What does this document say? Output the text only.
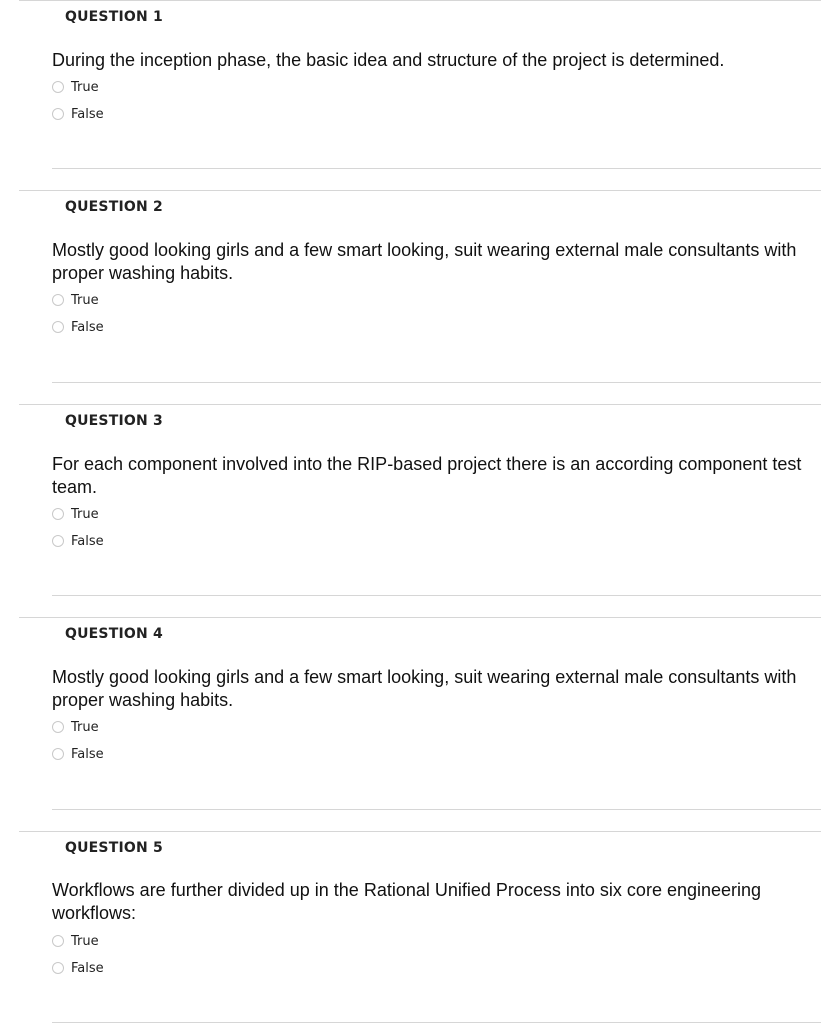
QUESTION 1
During the inception phase, the basic idea and structure of the project is determined.
True
False
QUESTION 2
Mostly good looking girls and a few smart looking, suit wearing external male consultants with proper washing habits.
True
False
QUESTION 3
For each component involved into the RIP-based project there is an according component test team.
True
False
QUESTION 4
Mostly good looking girls and a few smart looking, suit wearing external male consultants with proper washing habits.
True
False
QUESTION 5
Workflows are further divided up in the Rational Unified Process into six core engineering workflows:
True
False
